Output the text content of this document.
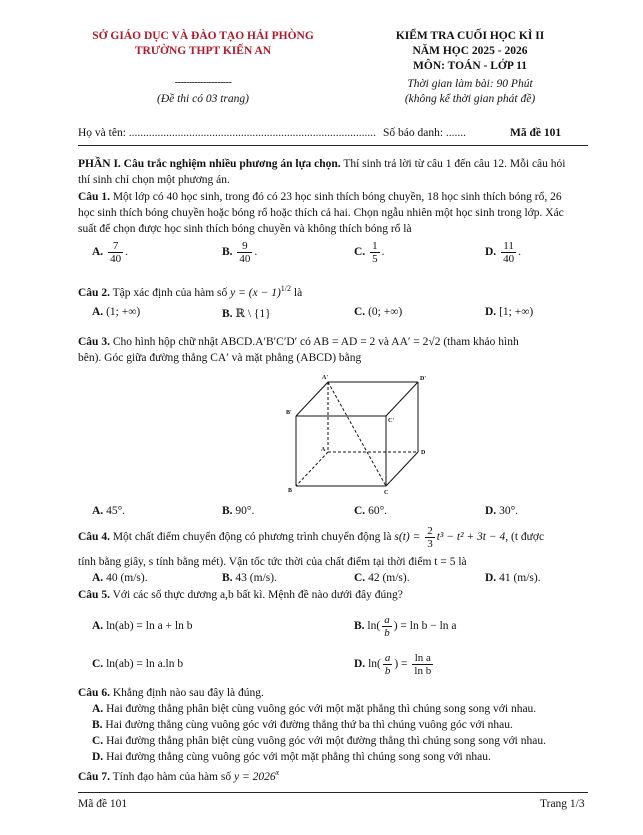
SỞ GIÁO DỤC VÀ ĐÀO TẠO HẢI PHÒNG
TRƯỜNG THPT KIẾN AN
--------------------
(Đề thi có 03 trang)
KIỂM TRA CUỐI HỌC KÌ II
NĂM HỌC 2025 - 2026
MÔN: TOÁN - LỚP 11
Thời gian làm bài: 90 Phút
(không kể thời gian phát đề)
Họ và tên: ...................................................................................... Số báo danh: .......	Mã đề 101
PHẦN I. Câu trắc nghiệm nhiều phương án lựa chọn. Thí sinh trả lời từ câu 1 đến câu 12. Mỗi câu hỏi
thí sinh chỉ chọn một phương án.
Câu 1. Một lớp có 40 học sinh, trong đó có 23 học sinh thích bóng chuyền, 18 học sinh thích bóng rổ, 26
học sinh thích bóng chuyền hoặc bóng rổ hoặc thích cả hai. Chọn ngẫu nhiên một học sinh trong lớp. Xác
suất để chọn được học sinh thích bóng chuyền và không thích bóng rổ là
A. $\frac{7}{40}$ .	B. $\frac{9}{40}$ .	C. $\frac{1}{5}$ .	D. $\frac{11}{40}$ .
Câu 2. Tập xác định của hàm số $y = (x - 1)^{1/2}$ là
A. (1; +∞)	B. ℝ \ {1}	C. (0; +∞)	D. [1; +∞)
Câu 3. Cho hình hộp chữ nhật ABCD.A′B′C′D′ có AB = AD = 2 và AA′ = 2√2 (tham khảo hình
bên). Góc giữa đường thẳng CA′ và mặt phẳng (ABCD) bằng
A'	D'
B'
C'
A	D
B	C
A. 45°.	B. 90°.	C. 60°.	D. 30°.
Câu 4. Một chất điểm chuyển động có phương trình chuyển động là $s(t) = \frac{2}{3} t^3 - t^2 + 3t - 4$, (t được
tính bằng giây, s tính bằng mét). Vận tốc tức thời của chất điểm tại thời điểm t = 5 là
A. 40 (m/s).	B. 43 (m/s).	C. 42 (m/s).	D. 41 (m/s).
Câu 5. Với các số thực dương a,b bất kì. Mệnh đề nào dưới đây đúng?
A. ln(ab) = ln a + ln b	B. $\ln( \frac{a}{b}$ ) = ln b − ln a
C. ln(ab) = ln a.ln b	D. $\ln( \frac{a}{b}$ ) = $\frac{\text{ln a}}{\text{ln b}}$
Câu 6. Khẳng định nào sau đây là đúng.
A. Hai đường thẳng phân biệt cùng vuông góc với một mặt phẳng thì chúng song song với nhau.
B. Hai đường thẳng cùng vuông góc với đường thẳng thứ ba thì chúng vuông góc với nhau.
C. Hai đường thẳng phân biệt cùng vuông góc với một đường thẳng thì chúng song song với nhau.
D. Hai đường thẳng cùng vuông góc với một mặt phẳng thì chúng song song với nhau.
Câu 7. Tính đạo hàm của hàm số $y = 2026^x$
Mã đề 101	Trang 1/3
